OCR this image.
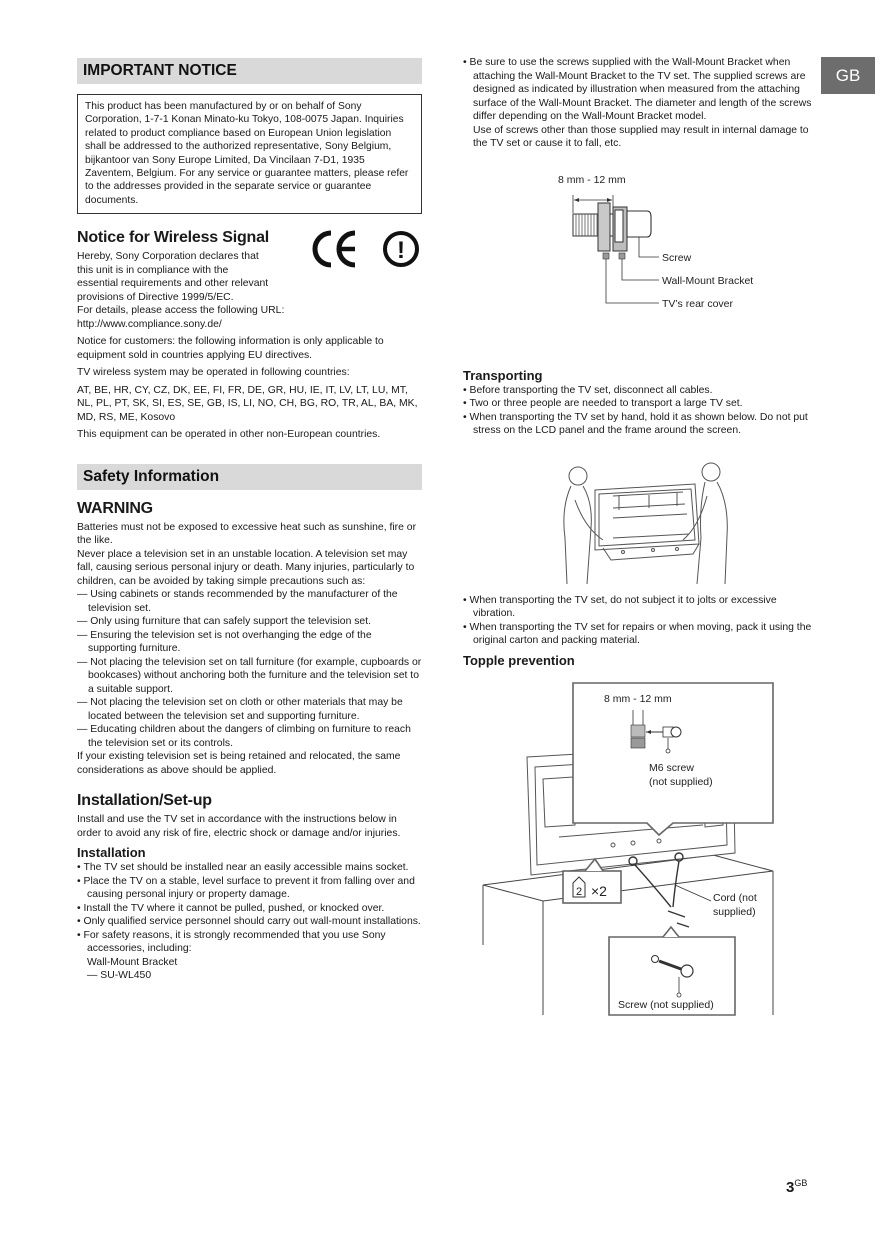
GB
IMPORTANT NOTICE

This product has been manufactured by or on behalf of Sony Corporation, 1-7-1 Konan Minato-ku Tokyo, 108-0075 Japan. Inquiries related to product compliance based on European Union legislation shall be addressed to the authorized representative, Sony Belgium, bijkantoor van Sony Europe Limited, Da Vincilaan 7-D1, 1935 Zaventem, Belgium. For any service or guarantee matters, please refer to the addresses provided in the separate service or guarantee documents.

Notice for Wireless Signal	CE
!

Hereby, Sony Corporation declares that

this unit is in compliance with the

essential requirements and other relevant

provisions of Directive 1999/5/EC.

For details, please access the following URL:

http://www.compliance.sony.de/

Notice for customers: the following information is only applicable to equipment sold in countries applying EU directives.

TV wireless system may be operated in following countries:

AT, BE, HR, CY, CZ, DK, EE, FI, FR, DE, GR, HU, IE, IT, LV, LT, LU, MT, NL, PL, PT, SK, SI, ES, SE, GB, IS, LI, NO, CH, BG, RO, TR, AL, BA, MK, MD, RS, ME, Kosovo

This equipment can be operated in other non-European countries.

Safety Information
WARNING

Batteries must not be exposed to excessive heat such as sunshine, fire or the like.

Never place a television set in an unstable location. A television set may fall, causing serious personal injury or death. Many injuries, particularly to children, can be avoided by taking simple precautions such as:

— Using cabinets or stands recommended by the manufacturer of the television set.

— Only using furniture that can safely support the television set.

— Ensuring the television set is not overhanging the edge of the supporting furniture.

— Not placing the television set on tall furniture (for example, cupboards or bookcases) without anchoring both the furniture and the television set to a suitable support.

— Not placing the television set on cloth or other materials that may be located between the television set and supporting furniture.

— Educating children about the dangers of climbing on furniture to reach the television set or its controls.

If your existing television set is being retained and relocated, the same considerations as above should be applied.

Installation/Set-up

Install and use the TV set in accordance with the instructions below in order to avoid any risk of fire, electric shock or damage and/or injuries.

Installation

• The TV set should be installed near an easily accessible mains socket.

• Place the TV on a stable, level surface to prevent it from falling over and causing personal injury or property damage.

• Install the TV where it cannot be pulled, pushed, or knocked over.

• Only qualified service personnel should carry out wall-mount installations.

• For safety reasons, it is strongly recommended that you use Sony accessories, including:

Wall-Mount Bracket

— SU-WL450

• Be sure to use the screws supplied with the Wall-Mount Bracket when attaching the Wall-Mount Bracket to the TV set. The supplied screws are designed as indicated by illustration when measured from the attaching surface of the Wall-Mount Bracket. The diameter and length of the screws differ depending on the Wall-Mount Bracket model.

Use of screws other than those supplied may result in internal damage to the TV set or cause it to fall, etc.

8 mm - 12 mm
Screw
Wall-Mount Bracket
TV’s rear cover
Transporting

• Before transporting the TV set, disconnect all cables.

• Two or three people are needed to transport a large TV set.

• When transporting the TV set by hand, hold it as shown below. Do not put stress on the LCD panel and the frame around the screen.

• When transporting the TV set, do not subject it to jolts or excessive vibration.

• When transporting the TV set for repairs or when moving, pack it using the original carton and packing material.

Topple prevention
8 mm - 12 mm
M6 screw
(not supplied)
2 ×2	Cord (not
supplied)
Screw (not supplied)
$3^{GB}$
